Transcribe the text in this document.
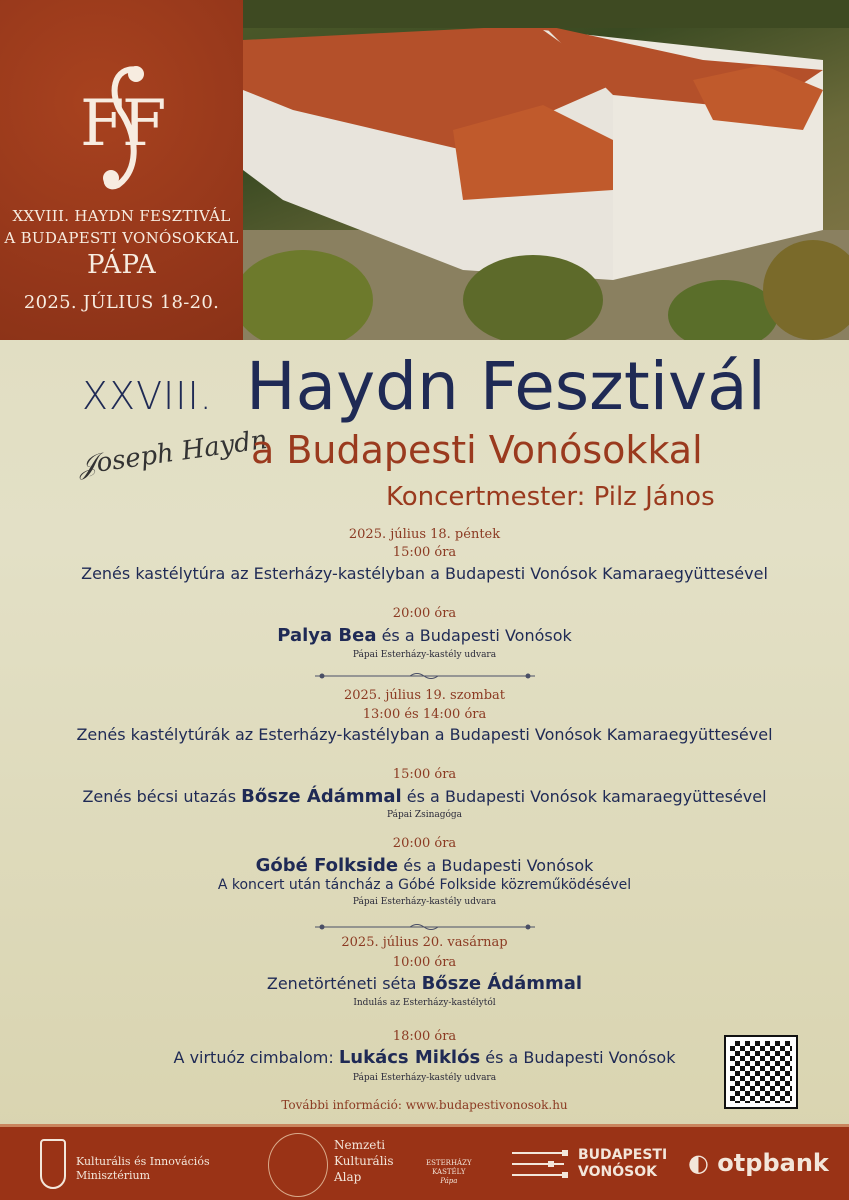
F
F
XXVIII. HAYDN FESZTIVÁL
A BUDAPESTI VONÓSOKKAL
PÁPA
2025. JÚLIUS 18-20.
XXVIII. Haydn Fesztivál
𝒥oseph Haydn
a Budapesti Vonósokkal
Koncertmester: Pilz János
2025. július 18. péntek
15:00 óra
Zenés kastélytúra az Esterházy-kastélyban a Budapesti Vonósok Kamaraegyüttesével
20:00 óra
Palya Bea és a Budapesti Vonósok
Pápai Esterházy-kastély udvara
2025. július 19. szombat
13:00 és 14:00 óra
Zenés kastélytúrák az Esterházy-kastélyban a Budapesti Vonósok Kamaraegyüttesével
15:00 óra
Zenés bécsi utazás Bősze Ádámmal és a Budapesti Vonósok kamaraegyüttesével
Pápai Zsinagóga
20:00 óra
Góbé Folkside és a Budapesti Vonósok
A koncert után táncház a Góbé Folkside közreműködésével
Pápai Esterházy-kastély udvara
2025. július 20. vasárnap
10:00 óra
Zenetörténeti séta Bősze Ádámmal
Indulás az Esterházy-kastélytól
18:00 óra
A virtuóz cimbalom: Lukács Miklós és a Budapesti Vonósok
Pápai Esterházy-kastély udvara
További információ: www.budapestivonosok.hu
Kulturális és Innovációs
Minisztérium
Nemzeti
Kulturális
Alap
ESTERHÁZY
KASTÉLY
Pápa
BUDAPESTI
VONÓSOK	◐ otpbank
